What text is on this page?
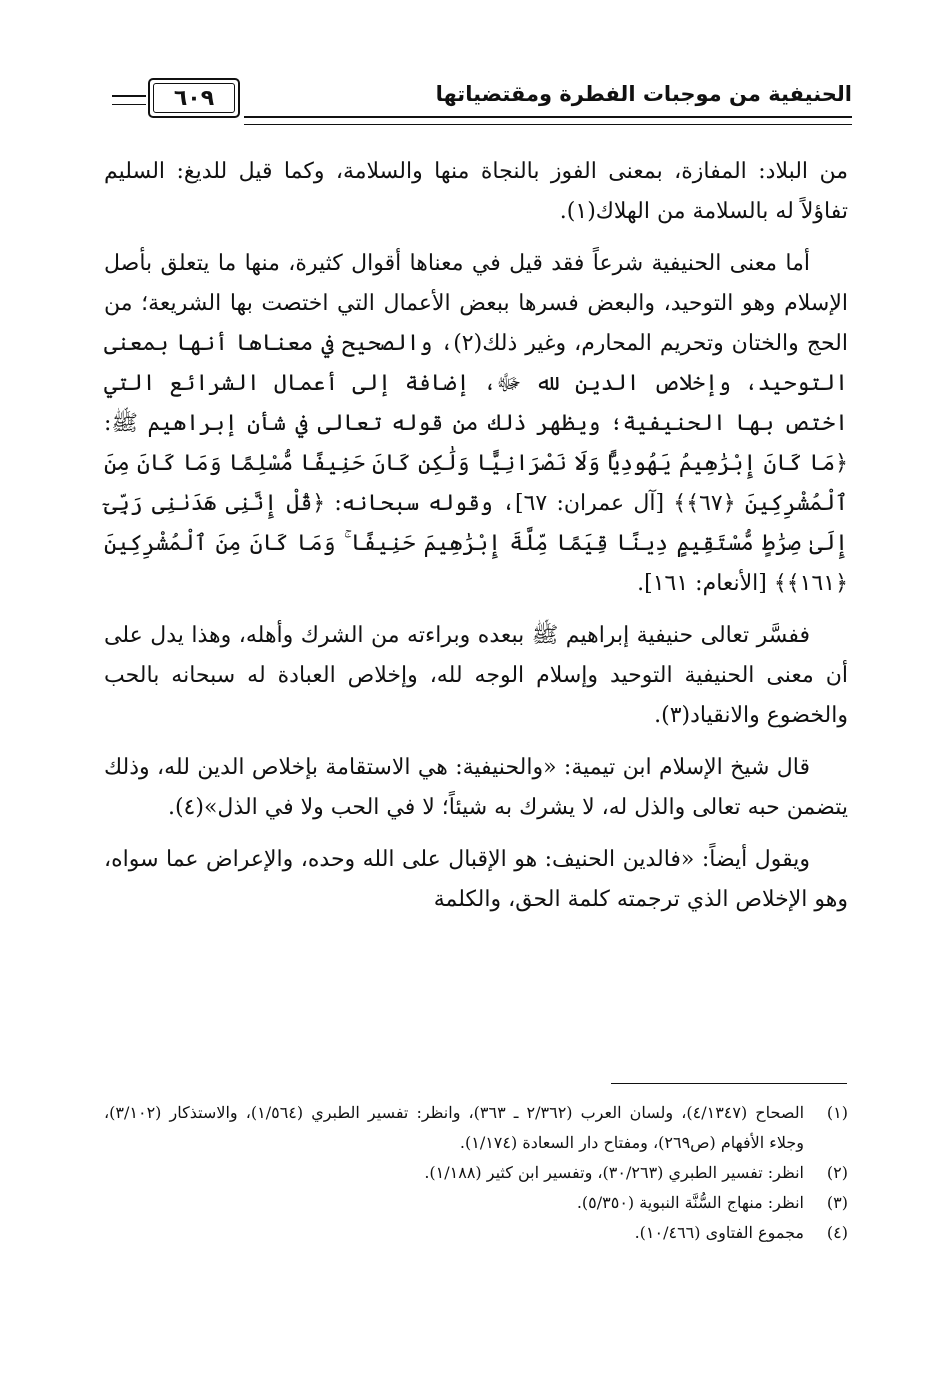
٦٠٩	الحنيفية من موجبات الفطرة ومقتضياتها

من البلاد: المفازة، بمعنى الفوز بالنجاة منها والسلامة، وكما قيل للديغ: السليم تفاؤلاً له بالسلامة من الهلاك(١).

أما معنى الحنيفية شرعاً فقد قيل في معناها أقوال كثيرة، منها ما يتعلق بأصل الإسلام وهو التوحيد، والبعض فسرها ببعض الأعمال التي اختصت بها الشريعة؛ من الحج والختان وتحريم المحارم، وغير ذلك(٢)، والصحيح في معناها أنها بمعنى التوحيد، وإخلاص الدين لله ﷻ، إضافة إلى أعمال الشرائع التي اختص بها الحنيفية؛ ويظهر ذلك من قوله تعالى في شأن إبراهيم ﷺ: ﴿مَا كَانَ إِبْرَٰهِيمُ يَهُودِيًّا وَلَا نَصْرَانِيًّا وَلَٰكِن كَانَ حَنِيفًا مُّسْلِمًا وَمَا كَانَ مِنَ ٱلْمُشْرِكِينَ ﴿٦٧﴾﴾ [آل عمران: ٦٧]، وقوله سبحانه: ﴿قُلْ إِنَّنِى هَدَىٰنِى رَبِّىٓ إِلَىٰ صِرَٰطٍ مُّسْتَقِيمٍ دِينًا قِيَمًا مِّلَّةَ إِبْرَٰهِيمَ حَنِيفًا ۚ وَمَا كَانَ مِنَ ٱلْمُشْرِكِينَ ﴿١٦١﴾﴾ [الأنعام: ١٦١].

ففسَّر تعالى حنيفية إبراهيم ﷺ ببعده وبراءته من الشرك وأهله، وهذا يدل على أن معنى الحنيفية التوحيد وإسلام الوجه لله، وإخلاص العبادة له سبحانه بالحب والخضوع والانقياد(٣).

قال شيخ الإسلام ابن تيمية: «والحنيفية: هي الاستقامة بإخلاص الدين لله، وذلك يتضمن حبه تعالى والذل له، لا يشرك به شيئاً؛ لا في الحب ولا في الذل»(٤).

ويقول أيضاً: «فالدين الحنيف: هو الإقبال على الله وحده، والإعراض عما سواه، وهو الإخلاص الذي ترجمته كلمة الحق، والكلمة

(١)
الصحاح (٤/١٣٤٧)، ولسان العرب (٢/٣٦٢ ـ ٣٦٣)، وانظر: تفسير الطبري (١/٥٦٤)، والاستذكار (٣/١٠٢)، وجلاء الأفهام (ص٢٦٩)، ومفتاح دار السعادة (١/١٧٤).
(٢)
انظر: تفسير الطبري (٣٠/٢٦٣)، وتفسير ابن كثير (١/١٨٨).
(٣)
انظر: منهاج السُّنَّة النبوية (٥/٣٥٠).
(٤)
مجموع الفتاوى (١٠/٤٦٦).
